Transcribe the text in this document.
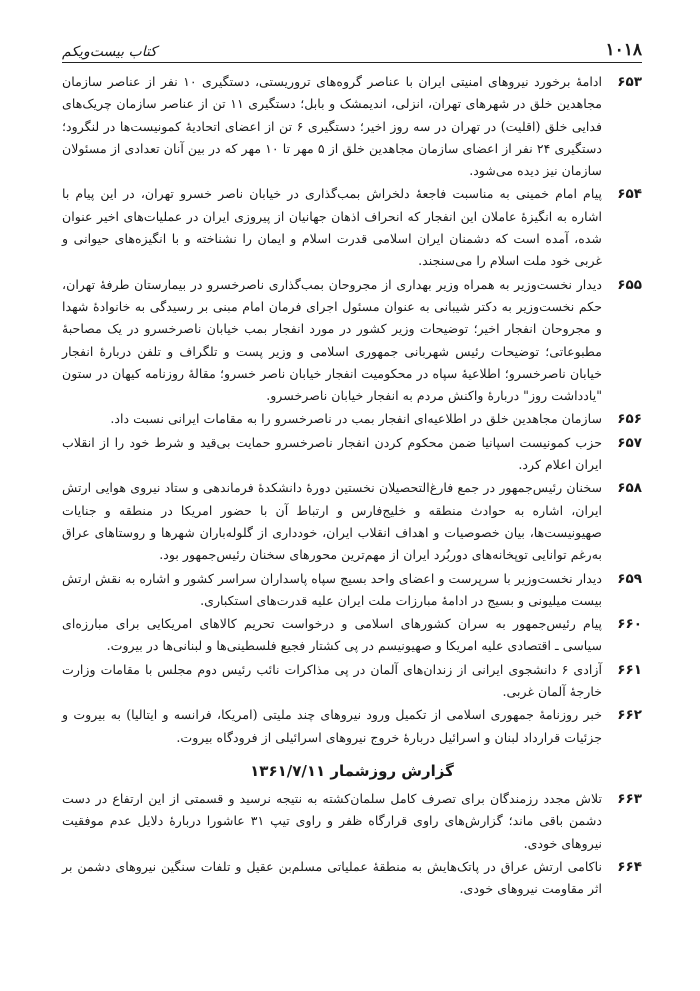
۱۰۱۸
کتاب بیست‌ویکم
۶۵۳
ادامهٔ برخورد نیروهای امنیتی ایران با عناصر گروه‌های تروریستی، دستگیری ۱۰ نفر از عناصر سازمان مجاهدین خلق در شهرهای تهران، انزلی، اندیمشک و بابل؛ دستگیری ۱۱ تن از عناصر سازمان چریک‌های فدایی خلق (اقلیت) در تهران در سه روز اخیر؛ دستگیری ۶ تن از اعضای اتحادیهٔ کمونیست‌ها در لنگرود؛ دستگیری ۲۴ نفر از اعضای سازمان مجاهدین خلق از ۵ مهر تا ۱۰ مهر که در بین آنان تعدادی از مسئولان سازمان نیز دیده می‌شود.
۶۵۴
پیام امام خمینی به مناسبت فاجعهٔ دلخراش بمب‌گذاری در خیابان ناصر خسرو تهران، در این پیام با اشاره به انگیزهٔ عاملان این انفجار که انحراف اذهان جهانیان از پیروزی ایران در عملیات‌های اخیر عنوان شده، آمده است که دشمنان ایران اسلامی قدرت اسلام و ایمان را نشناخته و با انگیزه‌های حیوانی و غربی خود ملت اسلام را می‌سنجند.
۶۵۵
دیدار نخست‌وزیر به همراه وزیر بهداری از مجروحان بمب‌گذاری ناصرخسرو در بیمارستان طرفهٔ تهران، حکم نخست‌وزیر به دکتر شیبانی به عنوان مسئول اجرای فرمان امام مبنی بر رسیدگی به خانوادهٔ شهدا و مجروحان انفجار اخیر؛ توضیحات وزیر کشور در مورد انفجار بمب خیابان ناصرخسرو در یک مصاحبهٔ مطبوعاتی؛ توضیحات رئیس شهربانی جمهوری اسلامی و وزیر پست و تلگراف و تلفن دربارهٔ انفجار خیابان ناصرخسرو؛ اطلاعیهٔ سپاه در محکومیت انفجار خیابان ناصر خسرو؛ مقالهٔ روزنامه کیهان در ستون "یادداشت روز" دربارهٔ واکنش مردم به انفجار خیابان ناصرخسرو.
۶۵۶
سازمان مجاهدین خلق در اطلاعیه‌ای انفجار بمب در ناصرخسرو را به مقامات ایرانی نسبت داد.
۶۵۷
حزب کمونیست اسپانیا ضمن محکوم کردن انفجار ناصرخسرو حمایت بی‌قید و شرط خود را از انقلاب ایران اعلام کرد.
۶۵۸
سخنان رئیس‌جمهور در جمع فارغ‌التحصیلان نخستین دورهٔ دانشکدهٔ فرماندهی و ستاد نیروی هوایی ارتش ایران، اشاره به حوادث منطقه و خلیج‌فارس و ارتباط آن با حضور امریکا در منطقه و جنایات صهیونیست‌ها، بیان خصوصیات و اهداف انقلاب ایران، خودداری از گلوله‌باران شهرها و روستاهای عراق به‌رغم توانایی توپخانه‌های دوربُرد ایران از مهم‌ترین محورهای سخنان رئیس‌جمهور بود.
۶۵۹
دیدار نخست‌وزیر با سرپرست و اعضای واحد بسیج سپاه پاسداران سراسر کشور و اشاره به نقش ارتش بیست میلیونی و بسیج در ادامهٔ مبارزات ملت ایران علیه قدرت‌های استکباری.
۶۶۰
پیام رئیس‌جمهور به سران کشورهای اسلامی و درخواست تحریم کالاهای امریکایی برای مبارزه‌ای سیاسی ـ اقتصادی علیه امریکا و صهیونیسم در پی کشتار فجیع فلسطینی‌ها و لبنانی‌ها در بیروت.
۶۶۱
آزادی ۶ دانشجوی ایرانی از زندان‌های آلمان در پی مذاکرات نائب رئیس دوم مجلس با مقامات وزارت خارجهٔ آلمان غربی.
۶۶۲
خبر روزنامهٔ جمهوری اسلامی از تکمیل ورود نیروهای چند ملیتی (امریکا، فرانسه و ایتالیا) به بیروت و جزئیات قرارداد لبنان و اسرائیل دربارهٔ خروج نیروهای اسرائیلی از فرودگاه بیروت.
گزارش روزشمار ۱۳۶۱/۷/۱۱
۶۶۳
تلاش مجدد رزمندگان برای تصرف کامل سلمان‌کشته به نتیجه نرسید و قسمتی از این ارتفاع در دست دشمن باقی ماند؛ گزارش‌های راوی قرارگاه ظفر و راوی تیپ ۳۱ عاشورا دربارهٔ دلایل عدم موفقیت نیروهای خودی.
۶۶۴
ناکامی ارتش عراق در پاتک‌هایش به منطقهٔ عملیاتی مسلم‌بن عقیل و تلفات سنگین نیروهای دشمن بر اثر مقاومت نیروهای خودی.
